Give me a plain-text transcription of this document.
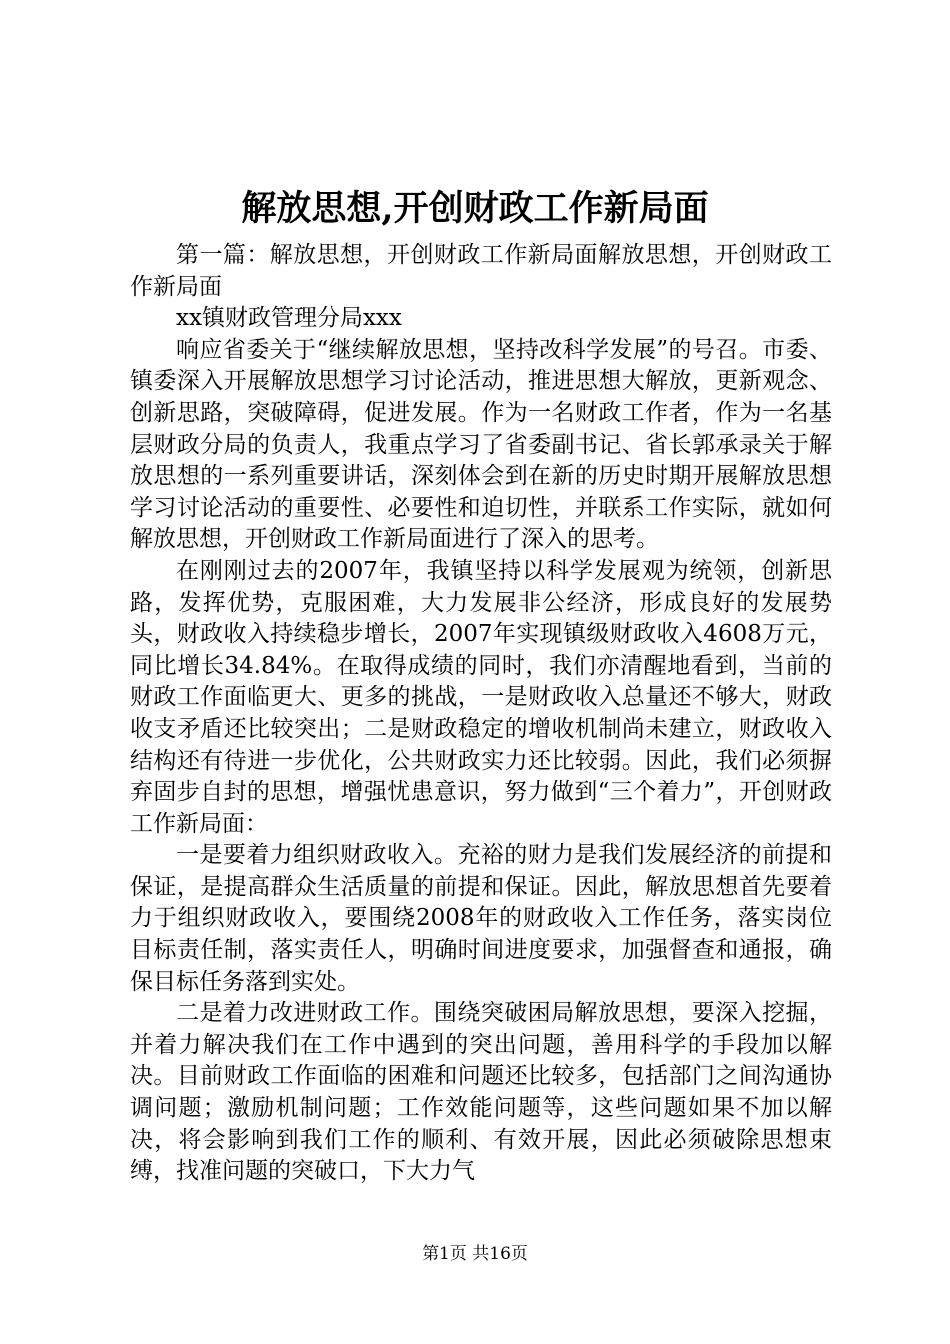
解放思想,开创财政工作新局面

第一篇：解放思想，开创财政工作新局面解放思想，开创财政工作新局面

xx镇财政管理分局xxx

响应省委关于“继续解放思想，坚持改科学发展”的号召。市委、镇委深入开展解放思想学习讨论活动，推进思想大解放，更新观念、创新思路，突破障碍，促进发展。作为一名财政工作者，作为一名基层财政分局的负责人，我重点学习了省委副书记、省长郭承录关于解放思想的一系列重要讲话，深刻体会到在新的历史时期开展解放思想学习讨论活动的重要性、必要性和迫切性，并联系工作实际，就如何解放思想，开创财政工作新局面进行了深入的思考。

在刚刚过去的2007年，我镇坚持以科学发展观为统领，创新思路，发挥优势，克服困难，大力发展非公经济，形成良好的发展势头，财政收入持续稳步增长，2007年实现镇级财政收入4608万元，同比增长34.84%。在取得成绩的同时，我们亦清醒地看到，当前的财政工作面临更大、更多的挑战，一是财政收入总量还不够大，财政收支矛盾还比较突出；二是财政稳定的增收机制尚未建立，财政收入结构还有待进一步优化，公共财政实力还比较弱。因此，我们必须摒弃固步自封的思想，增强忧患意识，努力做到“三个着力”，开创财政工作新局面：

一是要着力组织财政收入。充裕的财力是我们发展经济的前提和保证，是提高群众生活质量的前提和保证。因此，解放思想首先要着力于组织财政收入，要围绕2008年的财政收入工作任务，落实岗位目标责任制，落实责任人，明确时间进度要求，加强督查和通报，确保目标任务落到实处。

二是着力改进财政工作。围绕突破困局解放思想，要深入挖掘，并着力解决我们在工作中遇到的突出问题，善用科学的手段加以解决。目前财政工作面临的困难和问题还比较多，包括部门之间沟通协调问题；激励机制问题；工作效能问题等，这些问题如果不加以解决，将会影响到我们工作的顺利、有效开展，因此必须破除思想束缚，找准问题的突破口，下大力气

第1页 共16页
